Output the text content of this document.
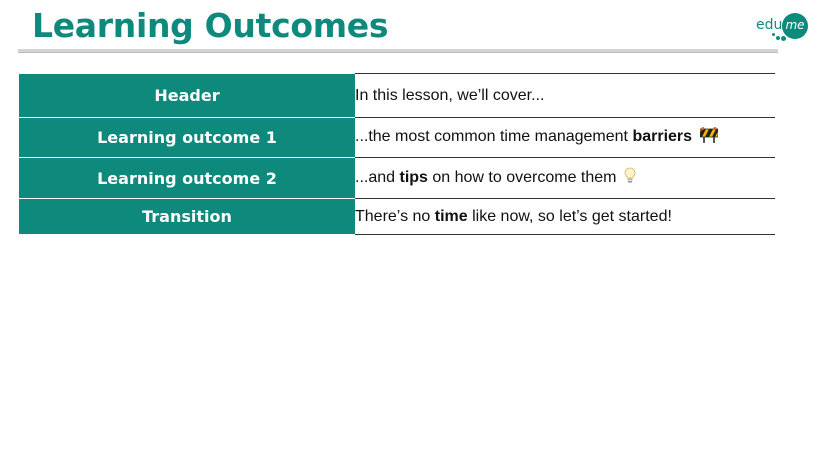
Learning Outcomes	edu me
Header	In this lesson, we’ll cover...
Learning outcome 1	...the most common time management barriers
Learning outcome 2	...and tips on how to overcome them
Transition	There’s no time like now, so let’s get started!
